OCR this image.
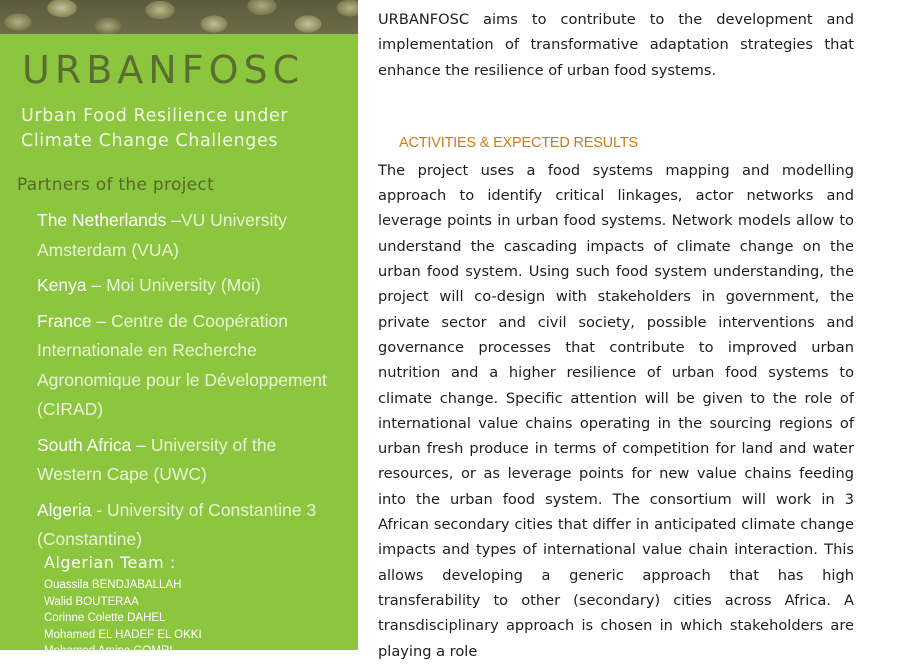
URBANFOSC

Urban Food Resilience under Climate Change Challenges

Partners of the project
The Netherlands –VU University Amsterdam (VUA)
Kenya – Moi University (Moi)
France – Centre de Coopération Internationale en Recherche Agronomique pour le Développement (CIRAD)
South Africa – University of the Western Cape (UWC)
Algeria - University of Constantine 3 (Constantine)
Algerian Team :
Ouassila BENDJABALLAH
Walid BOUTERAA
Corinne Colette DAHEL
Mohamed EL HADEF EL OKKI
Mohamed Amine GOMRI

URBANFOSC aims to contribute to the development and implementation of transformative adaptation strategies that enhance the resilience of urban food systems.

ACTIVITIES & EXPECTED RESULTS

The project uses a food systems mapping and modelling approach to identify critical linkages, actor networks and leverage points in urban food systems. Network models allow to understand the cascading impacts of climate change on the urban food system. Using such food system understanding, the project will co-design with stakeholders in government, the private sector and civil society, possible interventions and governance processes that contribute to improved urban nutrition and a higher resilience of urban food systems to climate change. Specific attention will be given to the role of international value chains operating in the sourcing regions of urban fresh produce in terms of competition for land and water resources, or as leverage points for new value chains feeding into the urban food system. The consortium will work in 3 African secondary cities that differ in anticipated climate change impacts and types of international value chain interaction. This allows developing a generic approach that has high transferability to other (secondary) cities across Africa. A transdisciplinary approach is chosen in which stakeholders are playing a role
